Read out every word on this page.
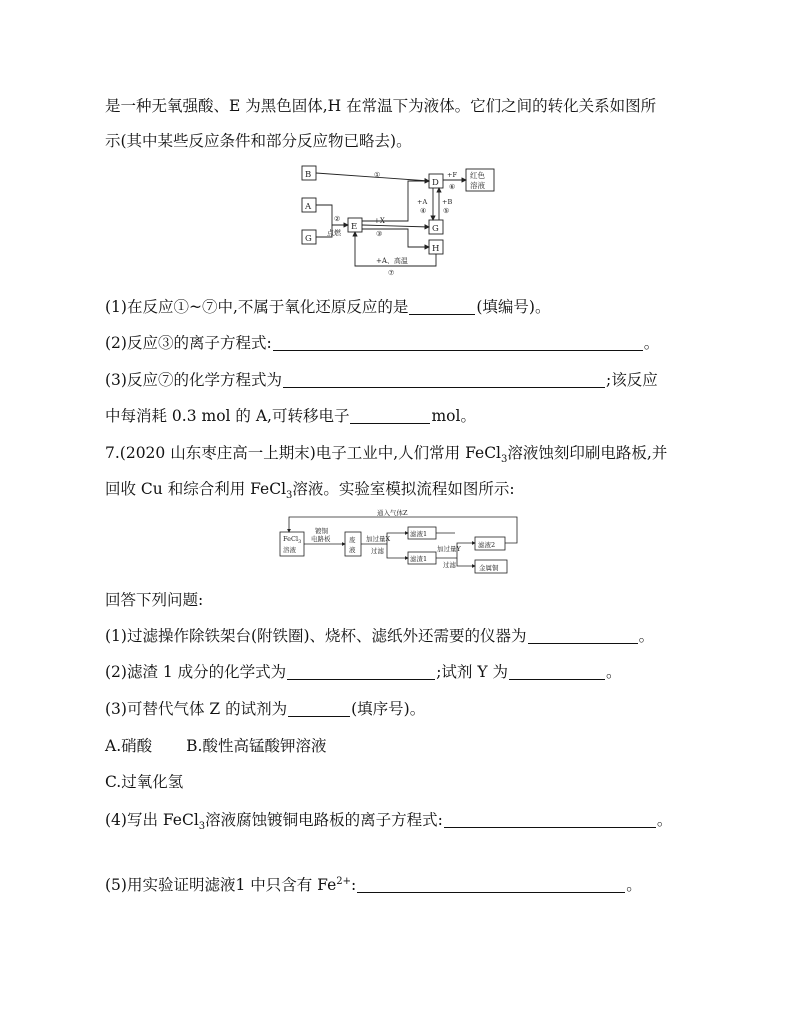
是一种无氧强酸、E 为黑色固体,H 在常温下为液体。它们之间的转化关系如图所
示(其中某些反应条件和部分反应物已略去)。
B
A
G
E
D
G
H
红色
溶液
①
②
点燃
+X
③
+F
⑥
+A
④
+B
⑤
+A、高温
⑦
(1)在反应①~⑦中,不属于氧化还原反应的是	(填编号)。
(2)反应③的离子方程式:	。
(3)反应⑦的化学方程式为	;该反应
中每消耗 0.3 mol 的 A,可转移电子	mol。
7.(2020 山东枣庄高一上期末)电子工业中,人们常用 FeCl$_3$溶液蚀刻印刷电路板,并
回收 Cu 和综合利用 FeCl$_3$溶液。实验室模拟流程如图所示:
FeCl$_3$
溶液
废
液
滤液1
滤渣1
滤液2
金属铜
通入气体Z
镀铜
电路板	加过量X
过滤	加过量Y
过滤
回答下列问题:
(1)过滤操作除铁架台(附铁圈)、烧杯、滤纸外还需要的仪器为	。
(2)滤渣 1 成分的化学式为	;试剂 Y 为	。
(3)可替代气体 Z 的试剂为	(填序号)。
A.硝酸 B.酸性高锰酸钾溶液
C.过氧化氢
(4)写出 FeCl$_3$溶液腐蚀镀铜电路板的离子方程式:	。
(5)用实验证明滤液1 中只含有 $Fe^{2+}$:	。
